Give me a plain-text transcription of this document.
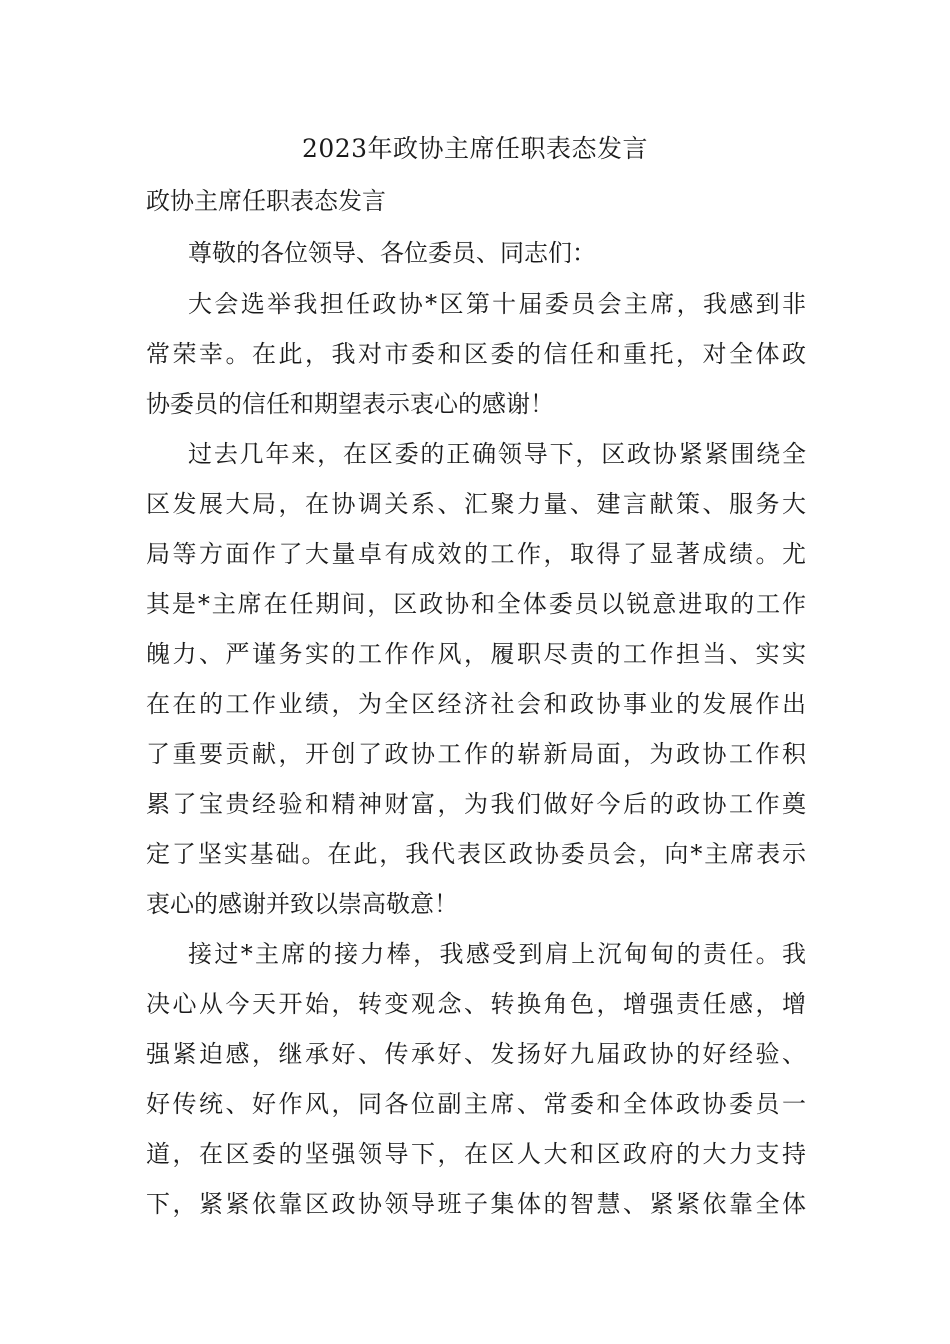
2023年政协主席任职表态发言
政协主席任职表态发言
尊敬的各位领导、各位委员、同志们：
大会选举我担任政协*区第十届委员会主席，我感到非
常荣幸。在此，我对市委和区委的信任和重托，对全体政
协委员的信任和期望表示衷心的感谢！
过去几年来，在区委的正确领导下，区政协紧紧围绕全
区发展大局，在协调关系、汇聚力量、建言献策、服务大
局等方面作了大量卓有成效的工作，取得了显著成绩。尤
其是*主席在任期间，区政协和全体委员以锐意进取的工作
魄力、严谨务实的工作作风，履职尽责的工作担当、实实
在在的工作业绩，为全区经济社会和政协事业的发展作出
了重要贡献，开创了政协工作的崭新局面，为政协工作积
累了宝贵经验和精神财富，为我们做好今后的政协工作奠
定了坚实基础。在此，我代表区政协委员会，向*主席表示
衷心的感谢并致以崇高敬意！
接过*主席的接力棒，我感受到肩上沉甸甸的责任。我
决心从今天开始，转变观念、转换角色，增强责任感，增
强紧迫感，继承好、传承好、发扬好九届政协的好经验、
好传统、好作风，同各位副主席、常委和全体政协委员一
道，在区委的坚强领导下，在区人大和区政府的大力支持
下，紧紧依靠区政协领导班子集体的智慧、紧紧依靠全体
